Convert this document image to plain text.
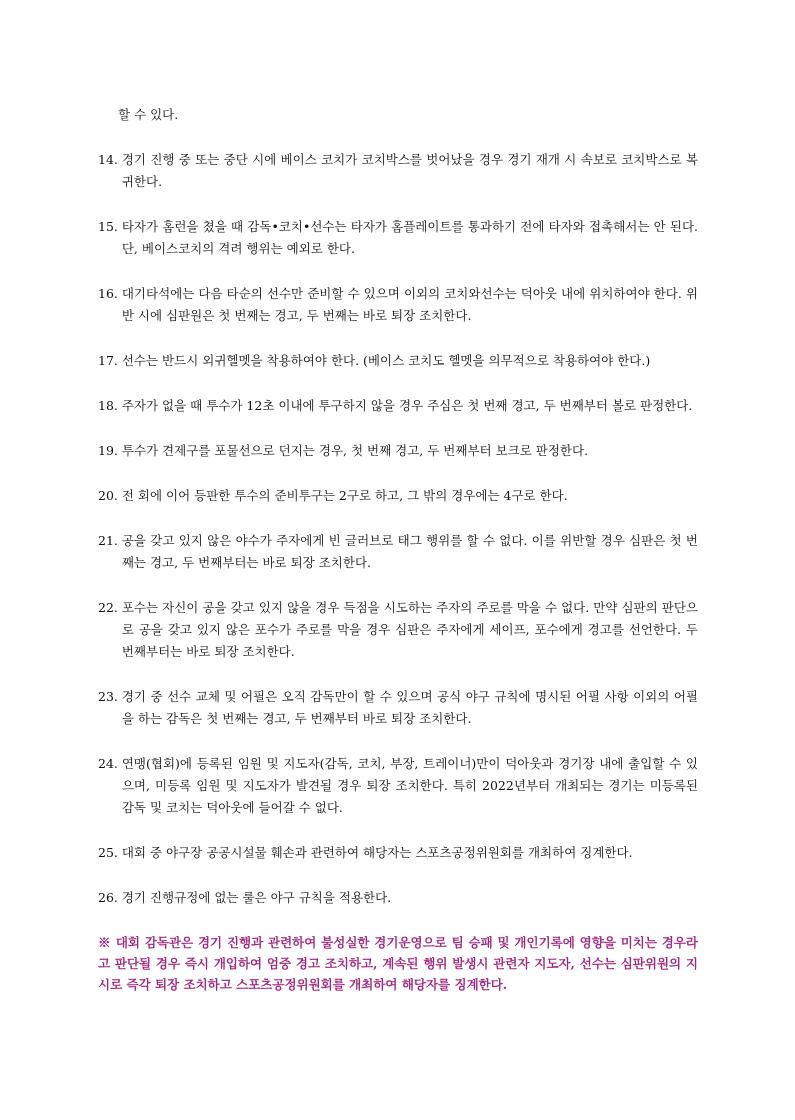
할 수 있다.
14. 경기 진행 중 또는 중단 시에 베이스 코치가 코치박스를 벗어났을 경우 경기 재개 시 속보로 코치박스로 복귀한다.
15. 타자가 홈런을 쳤을 때 감독•코치•선수는 타자가 홈플레이트를 통과하기 전에 타자와 접촉해서는 안 된다. 단, 베이스코치의 격려 행위는 예외로 한다.
16. 대기타석에는 다음 타순의 선수만 준비할 수 있으며 이외의 코치와선수는 덕아웃 내에 위치하여야 한다. 위반 시에 심판원은 첫 번째는 경고, 두 번째는 바로 퇴장 조치한다.
17. 선수는 반드시 외귀헬멧을 착용하여야 한다. (베이스 코치도 헬멧을 의무적으로 착용하여야 한다.)
18. 주자가 없을 때 투수가 12초 이내에 투구하지 않을 경우 주심은 첫 번째 경고, 두 번째부터 볼로 판정한다.
19. 투수가 견제구를 포물선으로 던지는 경우, 첫 번째 경고, 두 번째부터 보크로 판정한다.
20. 전 회에 이어 등판한 투수의 준비투구는 2구로 하고, 그 밖의 경우에는 4구로 한다.
21. 공을 갖고 있지 않은 야수가 주자에게 빈 글러브로 태그 행위를 할 수 없다. 이를 위반할 경우 심판은 첫 번째는 경고, 두 번째부터는 바로 퇴장 조치한다.
22. 포수는 자신이 공을 갖고 있지 않을 경우 득점을 시도하는 주자의 주로를 막을 수 없다. 만약 심판의 판단으로 공을 갖고 있지 않은 포수가 주로를 막을 경우 심판은 주자에게 세이프, 포수에게 경고를 선언한다. 두 번째부터는 바로 퇴장 조치한다.
23. 경기 중 선수 교체 및 어필은 오직 감독만이 할 수 있으며 공식 야구 규칙에 명시된 어필 사항 이외의 어필을 하는 감독은 첫 번째는 경고, 두 번째부터 바로 퇴장 조치한다.
24. 연맹(협회)에 등록된 임원 및 지도자(감독, 코치, 부장, 트레이너)만이 덕아웃과 경기장 내에 출입할 수 있으며, 미등록 임원 및 지도자가 발견될 경우 퇴장 조치한다. 특히 2022년부터 개최되는 경기는 미등록된 감독 및 코치는 덕아웃에 들어갈 수 없다.
25. 대회 중 야구장 공공시설물 훼손과 관련하여 해당자는 스포츠공정위원회를 개최하여 징계한다.
26. 경기 진행규정에 없는 룰은 야구 규칙을 적용한다.
※ 대회 감독관은 경기 진행과 관련하여 불성실한 경기운영으로 팀 승패 및 개인기록에 영향을 미치는 경우라고 판단될 경우 즉시 개입하여 엄중 경고 조치하고, 계속된 행위 발생시 관련자 지도자, 선수는 심판위원의 지시로 즉각 퇴장 조치하고 스포츠공정위원회를 개최하여 해당자를 징계한다.
